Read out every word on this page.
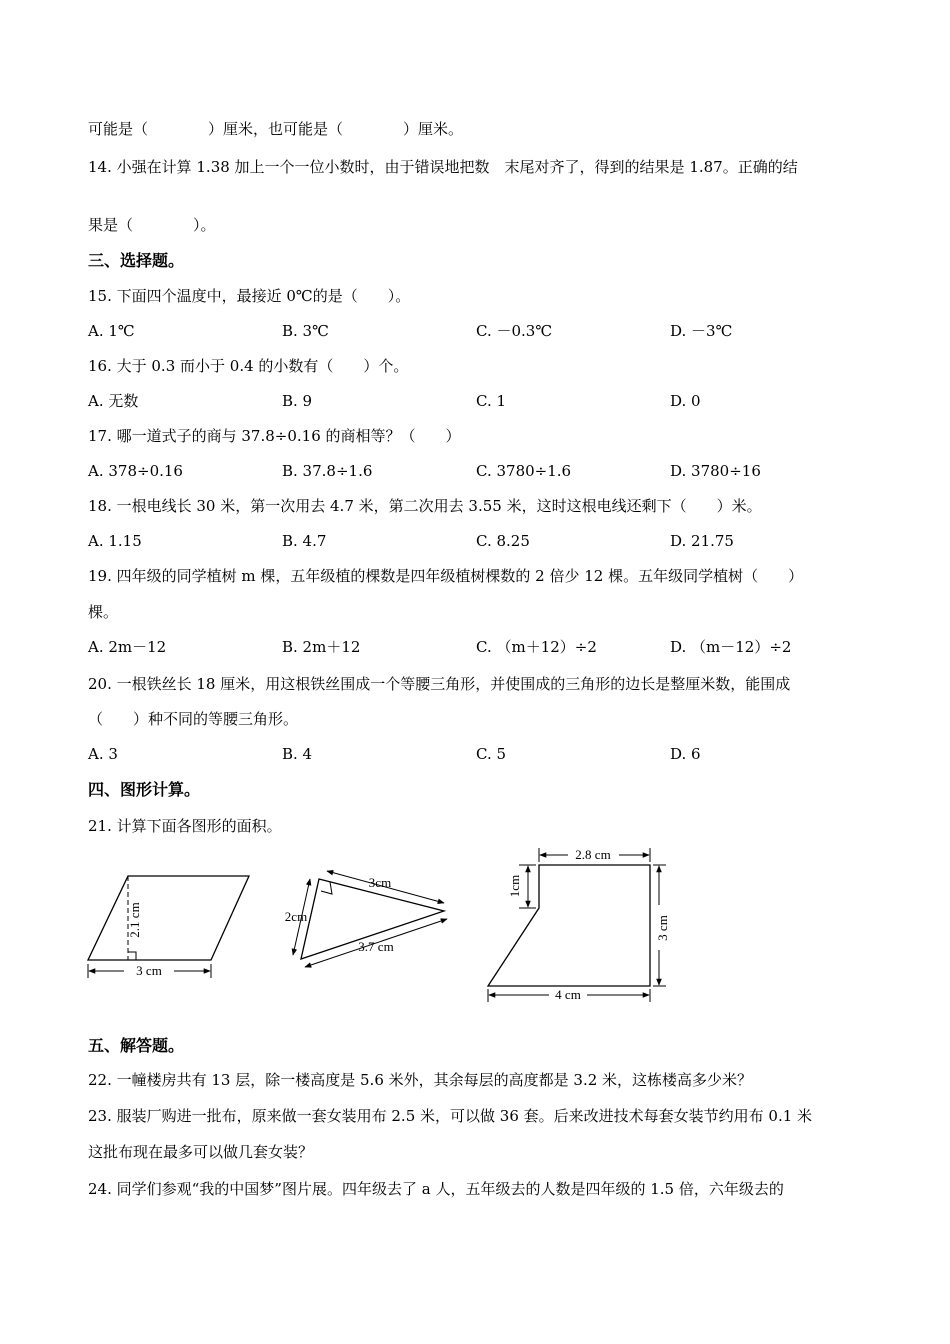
可能是（　　　　）厘米，也可能是（　　　　）厘米。
14. 小强在计算 1.38 加上一个一位小数时，由于错误地把数　末尾对齐了，得到的结果是 1.87。正确的结
果是（　　　　）。
三、选择题。
15. 下面四个温度中，最接近 0℃的是（　　）。
A. 1℃	B. 3℃	C. －0.3℃	D. －3℃
16. 大于 0.3 而小于 0.4 的小数有（　　）个。
A. 无数	B. 9	C. 1	D. 0
17. 哪一道式子的商与 37.8÷0.16 的商相等？（　　）
A. 378÷0.16	B. 37.8÷1.6	C. 3780÷1.6	D. 3780÷16
18. 一根电线长 30 米，第一次用去 4.7 米，第二次用去 3.55 米，这时这根电线还剩下（　　）米。
A. 1.15	B. 4.7	C. 8.25	D. 21.75
19. 四年级的同学植树 m 棵，五年级植的棵数是四年级植树棵数的 2 倍少 12 棵。五年级同学植树（　　）
棵。
A. 2m－12	B. 2m＋12	C. （m＋12）÷2	D. （m－12）÷2
20. 一根铁丝长 18 厘米，用这根铁丝围成一个等腰三角形，并使围成的三角形的边长是整厘米数，能围成
（　　）种不同的等腰三角形。
A. 3	B. 4	C. 5	D. 6
四、图形计算。
21. 计算下面各图形的面积。
2.1 cm
3 cm
3cm
2cm
3.7 cm
2.8 cm
1cm
3 cm
4 cm
五、解答题。
22. 一幢楼房共有 13 层，除一楼高度是 5.6 米外，其余每层的高度都是 3.2 米，这栋楼高多少米？
23. 服装厂购进一批布，原来做一套女装用布 2.5 米，可以做 36 套。后来改进技术每套女装节约用布 0.1 米
这批布现在最多可以做几套女装？
24. 同学们参观“我的中国梦”图片展。四年级去了 a 人，五年级去的人数是四年级的 1.5 倍，六年级去的
